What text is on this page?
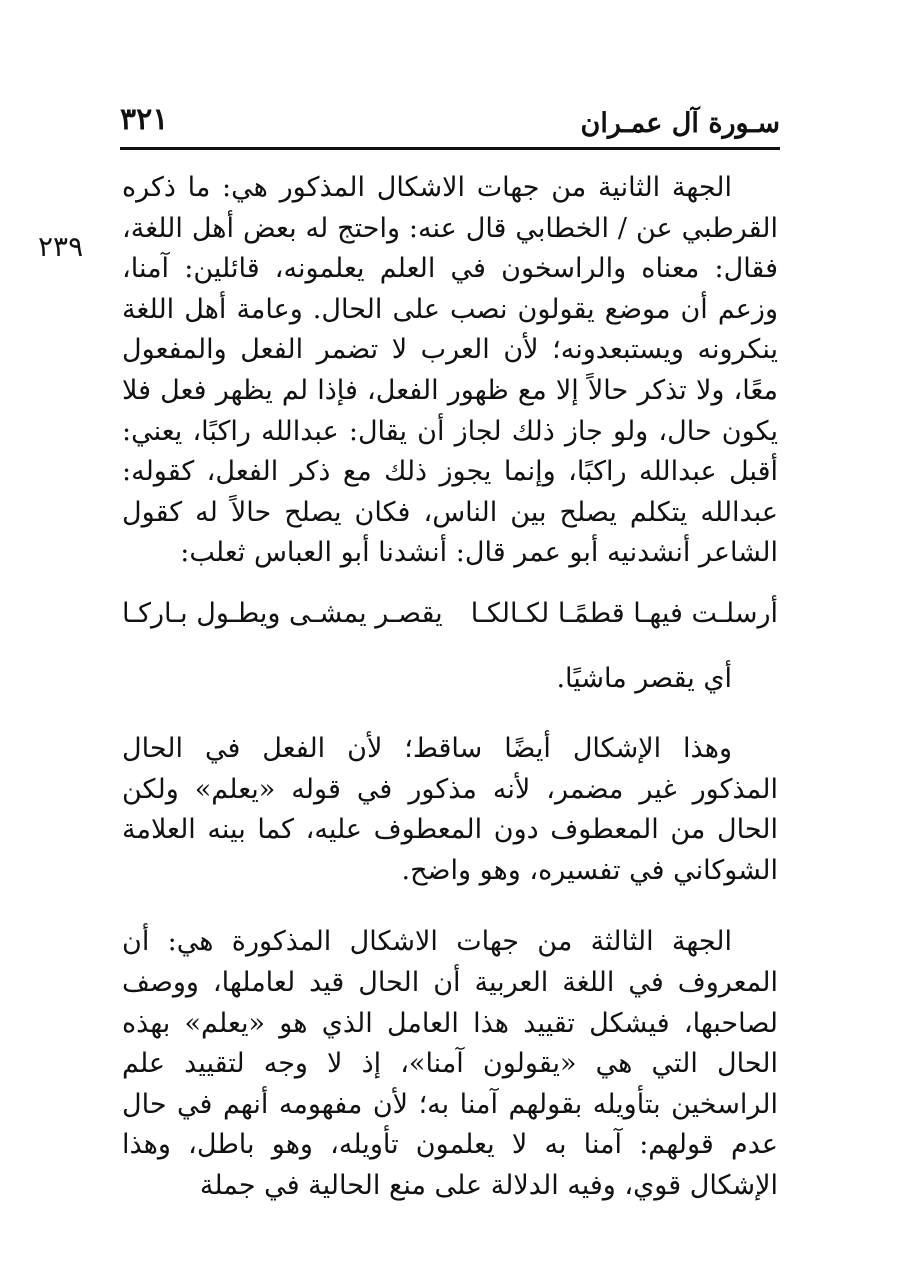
سـورة آل عمـران
٣٢١
٢٣٩

الجهة الثانية من جهات الاشكال المذكور هي: ما ذكره القرطبي عن / الخطابي قال عنه: واحتج له بعض أهل اللغة، فقال: معناه والراسخون في العلم يعلمونه، قائلين: آمنا، وزعم أن موضع يقولون نصب على الحال. وعامة أهل اللغة ينكرونه ويستبعدونه؛ لأن العرب لا تضمر الفعل والمفعول معًا، ولا تذكر حالاً إلا مع ظهور الفعل، فإذا لم يظهر فعل فلا يكون حال، ولو جاز ذلك لجاز أن يقال: عبدالله راكبًا، يعني: أقبل عبدالله راكبًا، وإنما يجوز ذلك مع ذكر الفعل، كقوله: عبدالله يتكلم يصلح بين الناس، فكان يصلح حالاً له كقول الشاعر أنشدنيه أبو عمر قال: أنشدنا أبو العباس ثعلب:

أرسلـت فيهـا قطمًـا لكـالكـا
يقصـر يمشـى ويطـول بـاركـا

أي يقصر ماشيًا.

وهذا الإشكال أيضًا ساقط؛ لأن الفعل في الحال المذكور غير مضمر، لأنه مذكور في قوله «يعلم» ولكن الحال من المعطوف دون المعطوف عليه، كما بينه العلامة الشوكاني في تفسيره، وهو واضح.

الجهة الثالثة من جهات الاشكال المذكورة هي: أن المعروف في اللغة العربية أن الحال قيد لعاملها، ووصف لصاحبها، فيشكل تقييد هذا العامل الذي هو «يعلم» بهذه الحال التي هي «يقولون آمنا»، إذ لا وجه لتقييد علم الراسخين بتأويله بقولهم آمنا به؛ لأن مفهومه أنهم في حال عدم قولهم: آمنا به لا يعلمون تأويله، وهو باطل، وهذا الإشكال قوي، وفيه الدلالة على منع الحالية في جملة
